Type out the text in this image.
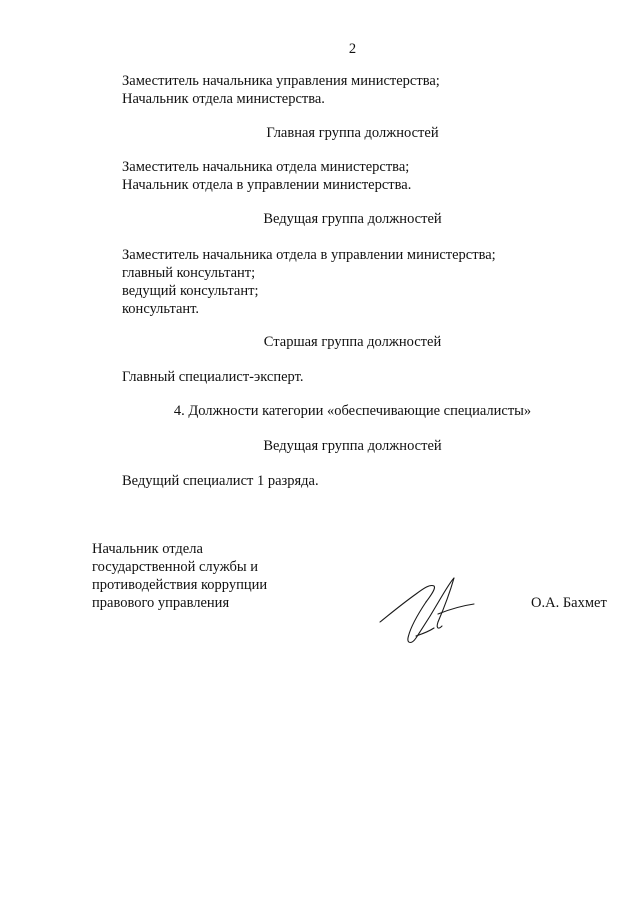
2
Заместитель начальника управления министерства;
Начальник отдела министерства.
Главная группа должностей
Заместитель начальника отдела министерства;
Начальник отдела в управлении министерства.
Ведущая группа должностей
Заместитель начальника отдела в управлении министерства;
главный консультант;
ведущий консультант;
консультант.
Старшая группа должностей
Главный специалист-эксперт.
4. Должности категории «обеспечивающие специалисты»
Ведущая группа должностей
Ведущий специалист 1 разряда.
Начальник отдела
государственной службы и
противодействия коррупции
правового управления	О.А. Бахмет
